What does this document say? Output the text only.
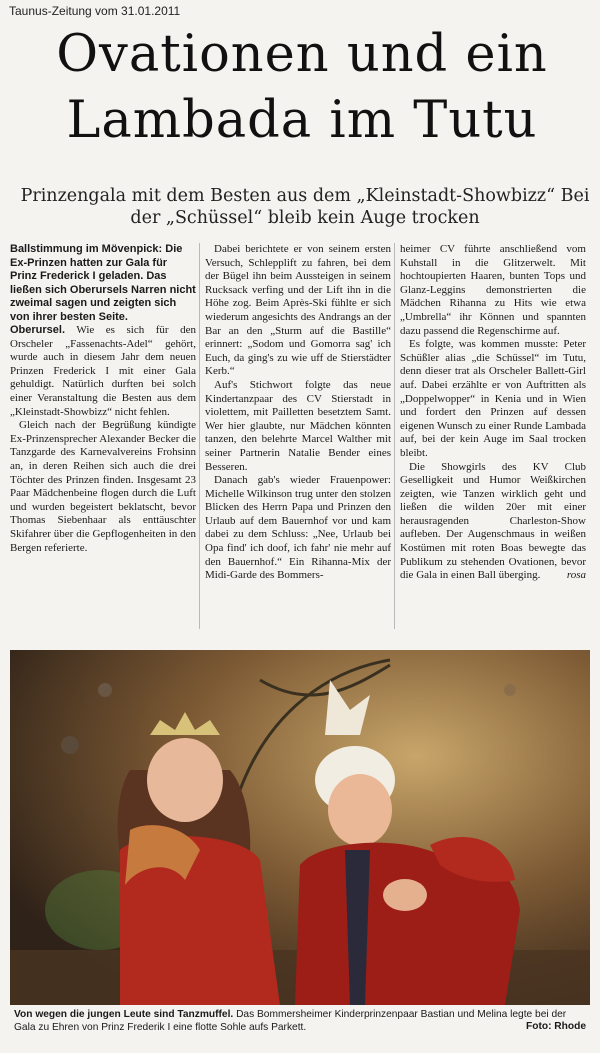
Taunus-Zeitung vom 31.01.2011
Ovationen und ein Lambada im Tutu

Prinzengala mit dem Besten aus dem „Kleinstadt-Showbizz“ Bei der „Schüssel“ bleib kein Auge trocken

Ballstimmung im Mövenpick: Die Ex-Prinzen hatten zur Gala für Prinz Frederick I geladen. Das ließen sich Oberursels Narren nicht zweimal sagen und zeigten sich von ihrer besten Seite.

Oberursel. Wie es sich für den Orscheler „Fassenachts-Adel“ gehört, wurde auch in diesem Jahr dem neuen Prinzen Frederick I mit einer Gala gehuldigt. Natürlich durften bei solch einer Veranstaltung die Besten aus dem „Kleinstadt-Showbizz“ nicht fehlen.

Gleich nach der Begrüßung kündigte Ex-Prinzensprecher Alexander Becker die Tanzgarde des Karnevalvereins Frohsinn an, in deren Reihen sich auch die drei Töchter des Prinzen finden. Insgesamt 23 Paar Mädchenbeine flogen durch die Luft und wurden begeistert beklatscht, bevor Thomas Siebenhaar als enttäuschter Skifahrer über die Gepflogenheiten in den Bergen referierte.

Dabei berichtete er von seinem ersten Versuch, Schlepplift zu fahren, bei dem der Bügel ihn beim Aussteigen in seinem Rucksack verfing und der Lift ihn in die Höhe zog. Beim Après-Ski fühlte er sich wiederum angesichts des Andrangs an der Bar an den „Sturm auf die Bastille“ erinnert: „Sodom und Gomorra sag' ich Euch, da ging's zu wie uff de Stierstädter Kerb.“

Auf's Stichwort folgte das neue Kindertanzpaar des CV Stierstadt in violettem, mit Pailletten besetztem Samt. Wer hier glaubte, nur Mädchen könnten tanzen, den belehrte Marcel Walther mit seiner Partnerin Natalie Bender eines Besseren.

Danach gab's wieder Frauenpower: Michelle Wilkinson trug unter den stolzen Blicken des Herrn Papa und Prinzen den Urlaub auf dem Bauernhof vor und kam dabei zu dem Schluss: „Nee, Urlaub bei Opa find' ich doof, ich fahr' nie mehr auf den Bauernhof.“ Ein Rihanna-Mix der Midi-Garde des Bommers-

heimer CV führte anschließend vom Kuhstall in die Glitzerwelt. Mit hochtoupierten Haaren, bunten Tops und Glanz-Leggins demonstrierten die Mädchen Rihanna zu Hits wie etwa „Umbrella“ ihr Können und spannten dazu passend die Regenschirme auf.

Es folgte, was kommen musste: Peter Schüßler alias „die Schüssel“ im Tutu, denn dieser trat als Orscheler Ballett-Girl auf. Dabei erzählte er von Auftritten als „Doppelwopper“ in Kenia und in Wien und fordert den Prinzen auf dessen eigenen Wunsch zu einer Runde Lambada auf, bei der kein Auge im Saal trocken bleibt.

Die Showgirls des KV Club Geselligkeit und Humor Weißkirchen zeigten, wie Tanzen wirklich geht und ließen die wilden 20er mit einer herausragenden Charleston-Show aufleben. Der Augenschmaus in weißen Kostümen mit roten Boas bewegte das Publikum zu stehenden Ovationen, bevor die Gala in einen Ball überging.	rosa

Von wegen die jungen Leute sind Tanzmuffel. Das Bommersheimer Kinderprinzenpaar Bastian und Melina legte bei der Gala zu Ehren von Prinz Frederik I eine flotte Sohle aufs Parkett.	Foto: Rhode
